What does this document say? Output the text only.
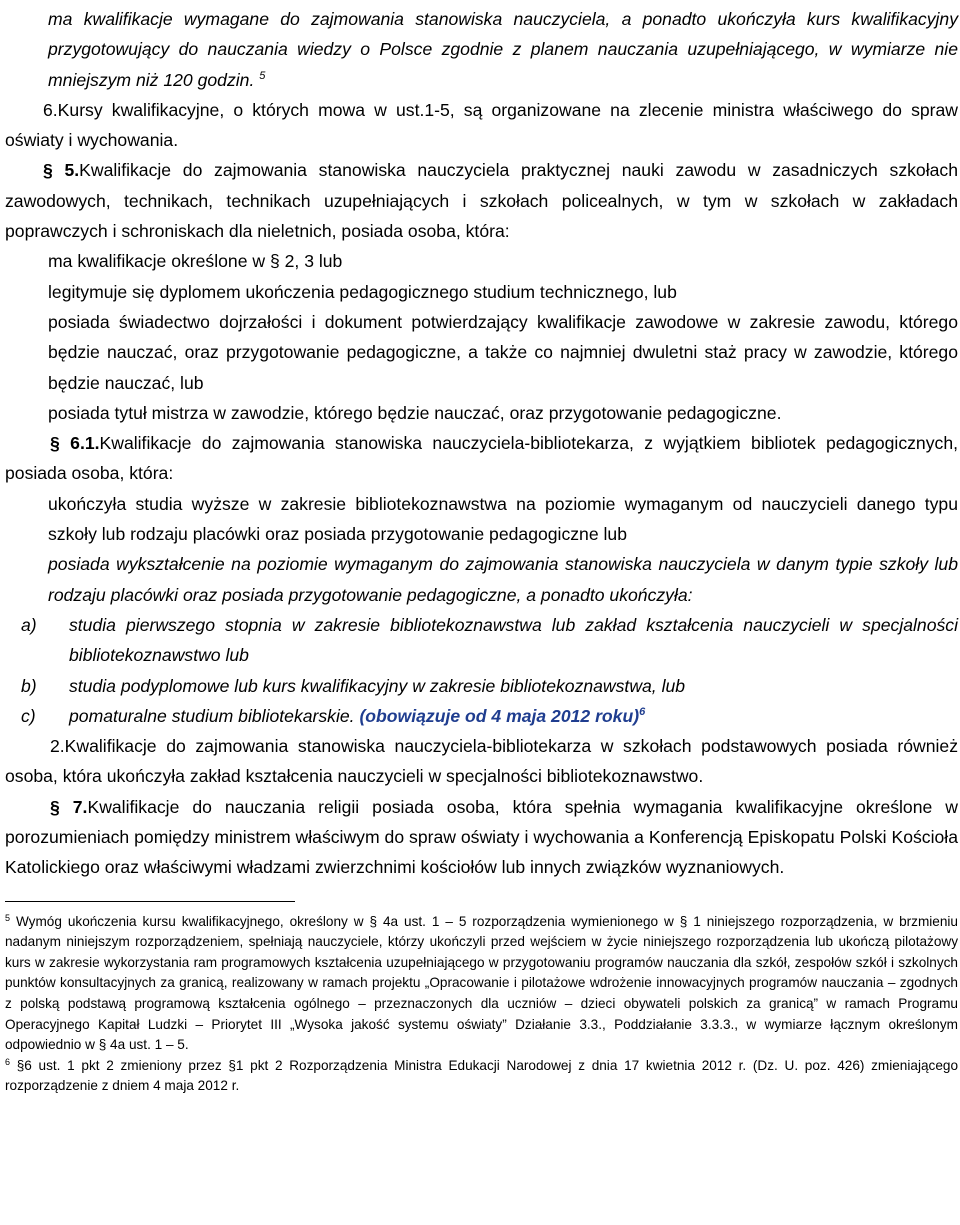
ma kwalifikacje wymagane do zajmowania stanowiska nauczyciela, a ponadto ukończyła kurs kwalifikacyjny przygotowujący do nauczania wiedzy o Polsce zgodnie z planem nauczania uzupełniającego, w wymiarze nie mniejszym niż 120 godzin. $^5$

6.Kursy kwalifikacyjne, o których mowa w ust.1-5, są organizowane na zlecenie ministra właściwego do spraw oświaty i wychowania.

§ 5.Kwalifikacje do zajmowania stanowiska nauczyciela praktycznej nauki zawodu w zasadniczych szkołach zawodowych, technikach, technikach uzupełniających i szkołach policealnych, w tym w szkołach w zakładach poprawczych i schroniskach dla nieletnich, posiada osoba, która:

ma kwalifikacje określone w § 2, 3 lub

legitymuje się dyplomem ukończenia pedagogicznego studium technicznego, lub

posiada świadectwo dojrzałości i dokument potwierdzający kwalifikacje zawodowe w zakresie zawodu, którego będzie nauczać, oraz przygotowanie pedagogiczne, a także co najmniej dwuletni staż pracy w zawodzie, którego będzie nauczać, lub

posiada tytuł mistrza w zawodzie, którego będzie nauczać, oraz przygotowanie pedagogiczne.

§ 6.1.Kwalifikacje do zajmowania stanowiska nauczyciela-bibliotekarza, z wyjątkiem bibliotek pedagogicznych, posiada osoba, która:

ukończyła studia wyższe w zakresie bibliotekoznawstwa na poziomie wymaganym od nauczycieli danego typu szkoły lub rodzaju placówki oraz posiada przygotowanie pedagogiczne lub

posiada wykształcenie na poziomie wymaganym do zajmowania stanowiska nauczyciela w danym typie szkoły lub rodzaju placówki oraz posiada przygotowanie pedagogiczne, a ponadto ukończyła:

a) studia pierwszego stopnia w zakresie bibliotekoznawstwa lub zakład kształcenia nauczycieli w specjalności bibliotekoznawstwo lub

b) studia podyplomowe lub kurs kwalifikacyjny w zakresie bibliotekoznawstwa, lub

c) pomaturalne studium bibliotekarskie. (obowiązuje od 4 maja 2012 roku)$^6$

2.Kwalifikacje do zajmowania stanowiska nauczyciela-bibliotekarza w szkołach podstawowych posiada również osoba, która ukończyła zakład kształcenia nauczycieli w specjalności bibliotekoznawstwo.

§ 7.Kwalifikacje do nauczania religii posiada osoba, która spełnia wymagania kwalifikacyjne określone w porozumieniach pomiędzy ministrem właściwym do spraw oświaty i wychowania a Konferencją Episkopatu Polski Kościoła Katolickiego oraz właściwymi władzami zwierzchnimi kościołów lub innych związków wyznaniowych.

$^5$ Wymóg ukończenia kursu kwalifikacyjnego, określony w § 4a ust. 1 – 5 rozporządzenia wymienionego w § 1 niniejszego rozporządzenia, w brzmieniu nadanym niniejszym rozporządzeniem, spełniają nauczyciele, którzy ukończyli przed wejściem w życie niniejszego rozporządzenia lub ukończą pilotażowy kurs w zakresie wykorzystania ram programowych kształcenia uzupełniającego w przygotowaniu programów nauczania dla szkół, zespołów szkół i szkolnych punktów konsultacyjnych za granicą, realizowany w ramach projektu „Opracowanie i pilotażowe wdrożenie innowacyjnych programów nauczania – zgodnych z polską podstawą programową kształcenia ogólnego – przeznaczonych dla uczniów – dzieci obywateli polskich za granicą” w ramach Programu Operacyjnego Kapitał Ludzki – Priorytet III „Wysoka jakość systemu oświaty” Działanie 3.3., Poddziałanie 3.3.3., w wymiarze łącznym określonym odpowiednio w § 4a ust. 1 – 5.

$^6$ §6 ust. 1 pkt 2 zmieniony przez §1 pkt 2 Rozporządzenia Ministra Edukacji Narodowej z dnia 17 kwietnia 2012 r. (Dz. U. poz. 426) zmieniającego rozporządzenie z dniem 4 maja 2012 r.
